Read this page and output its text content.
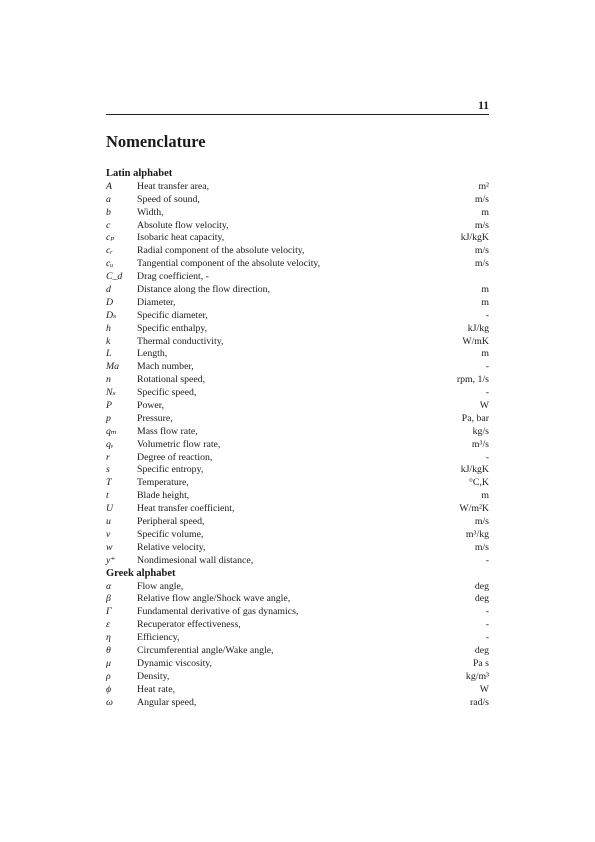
11
Nomenclature
Latin alphabet
A	Heat transfer area,	m²
a	Speed of sound,	m/s
b	Width,	m
c	Absolute flow velocity,	m/s
cₚ	Isobaric heat capacity,	kJ/kgK
cᵣ	Radial component of the absolute velocity,	m/s
cᵤ	Tangential component of the absolute velocity,	m/s
C_d	Drag coefficient, -
d	Distance along the flow direction,	m
D	Diameter,	m
Dₛ	Specific diameter,	-
h	Specific enthalpy,	kJ/kg
k	Thermal conductivity,	W/mK
L	Length,	m
Ma	Mach number,	-
n	Rotational speed,	rpm, 1/s
Nₛ	Specific speed,	-
P	Power,	W
p	Pressure,	Pa, bar
qₘ	Mass flow rate,	kg/s
qᵥ	Volumetric flow rate,	m³/s
r	Degree of reaction,	-
s	Specific entropy,	kJ/kgK
T	Temperature,	°C,K
t	Blade height,	m
U	Heat transfer coefficient,	W/m²K
u	Peripheral speed,	m/s
v	Specific volume,	m³/kg
w	Relative velocity,	m/s
y⁺	Nondimesional wall distance,	-
Greek alphabet
α	Flow angle,	deg
β	Relative flow angle/Shock wave angle,	deg
Γ	Fundamental derivative of gas dynamics,	-
ε	Recuperator effectiveness,	-
η	Efficiency,	-
θ	Circumferential angle/Wake angle,	deg
μ	Dynamic viscosity,	Pa s
ρ	Density,	kg/m³
ϕ	Heat rate,	W
ω	Angular speed,	rad/s
